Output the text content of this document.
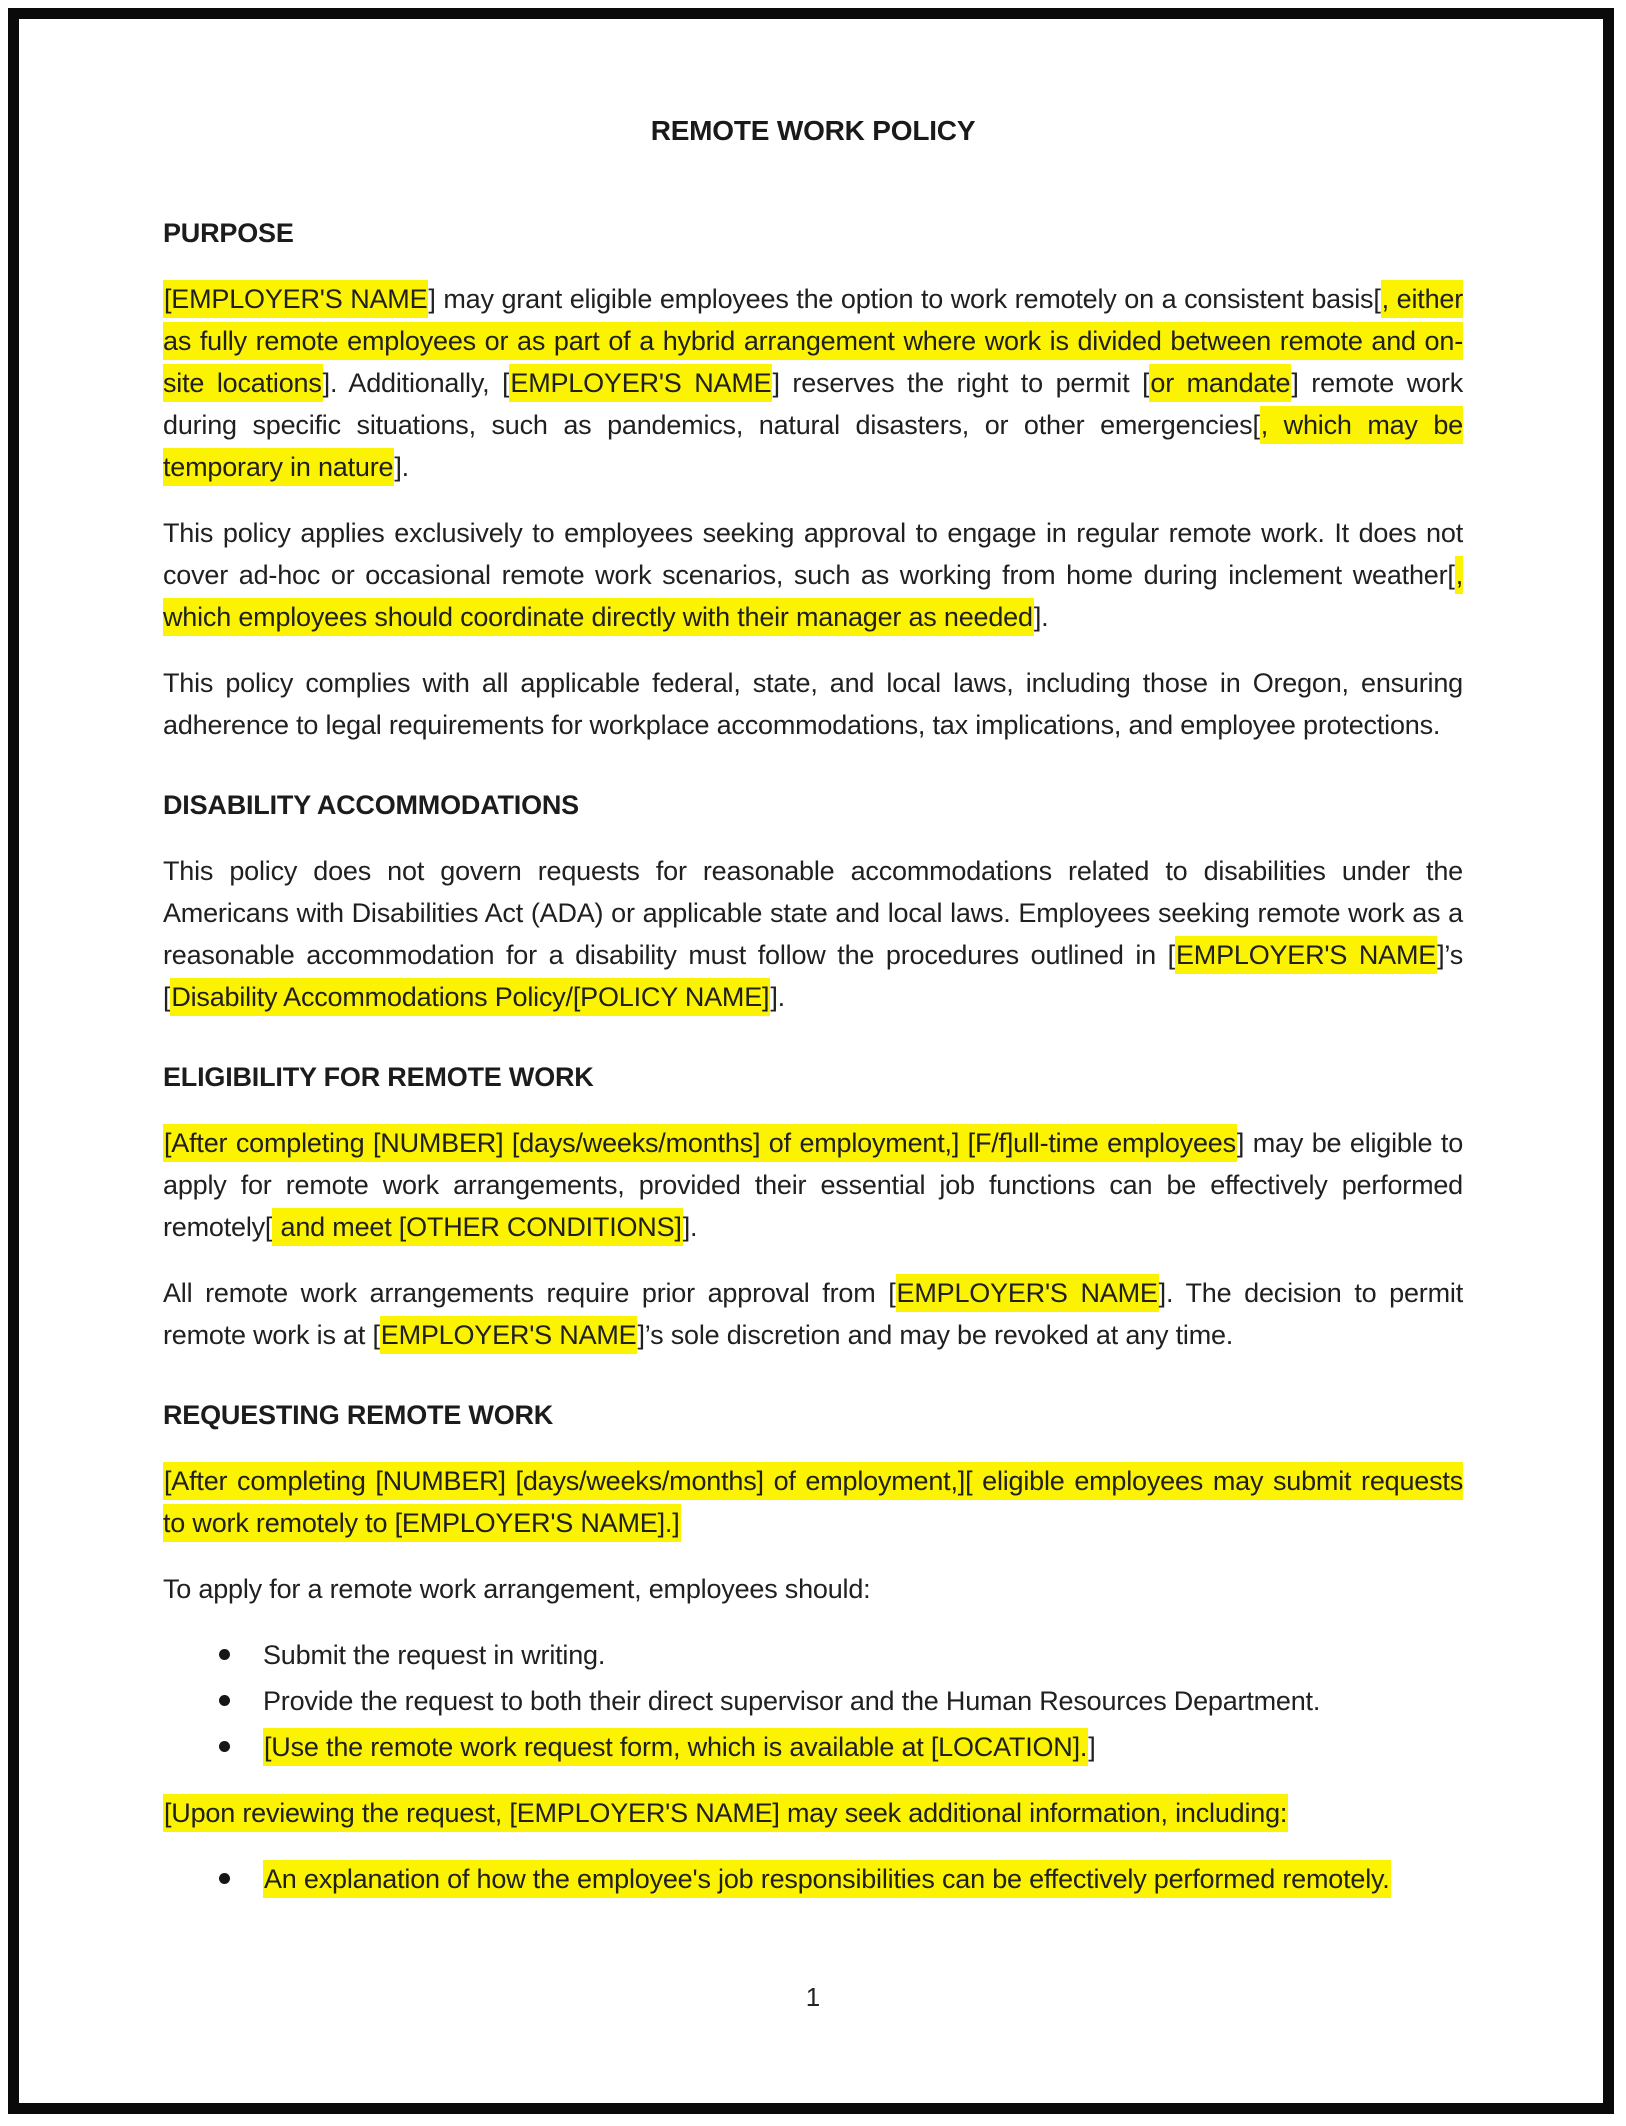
REMOTE WORK POLICY
PURPOSE

[EMPLOYER'S NAME] may grant eligible employees the option to work remotely on a consistent basis[, either as fully remote employees or as part of a hybrid arrangement where work is divided between remote and on-site locations]. Additionally, [EMPLOYER'S NAME] reserves the right to permit [or mandate] remote work during specific situations, such as pandemics, natural disasters, or other emergencies[, which may be temporary in nature].

This policy applies exclusively to employees seeking approval to engage in regular remote work. It does not cover ad-hoc or occasional remote work scenarios, such as working from home during inclement weather[, which employees should coordinate directly with their manager as needed].

This policy complies with all applicable federal, state, and local laws, including those in Oregon, ensuring adherence to legal requirements for workplace accommodations, tax implications, and employee protections.

DISABILITY ACCOMMODATIONS

This policy does not govern requests for reasonable accommodations related to disabilities under the Americans with Disabilities Act (ADA) or applicable state and local laws. Employees seeking remote work as a reasonable accommodation for a disability must follow the procedures outlined in [EMPLOYER'S NAME]’s [Disability Accommodations Policy/[POLICY NAME]].

ELIGIBILITY FOR REMOTE WORK

[After completing [NUMBER] [days/weeks/months] of employment,] [F/f]ull-time employees] may be eligible to apply for remote work arrangements, provided their essential job functions can be effectively performed remotely[ and meet [OTHER CONDITIONS]].

All remote work arrangements require prior approval from [EMPLOYER'S NAME]. The decision to permit remote work is at [EMPLOYER'S NAME]’s sole discretion and may be revoked at any time.

REQUESTING REMOTE WORK

[After completing [NUMBER] [days/weeks/months] of employment,][ eligible employees may submit requests to work remotely to [EMPLOYER'S NAME].]

To apply for a remote work arrangement, employees should:

Submit the request in writing.
Provide the request to both their direct supervisor and the Human Resources Department.
[Use the remote work request form, which is available at [LOCATION].]

[Upon reviewing the request, [EMPLOYER'S NAME] may seek additional information, including:

An explanation of how the employee's job responsibilities can be effectively performed remotely.
1
